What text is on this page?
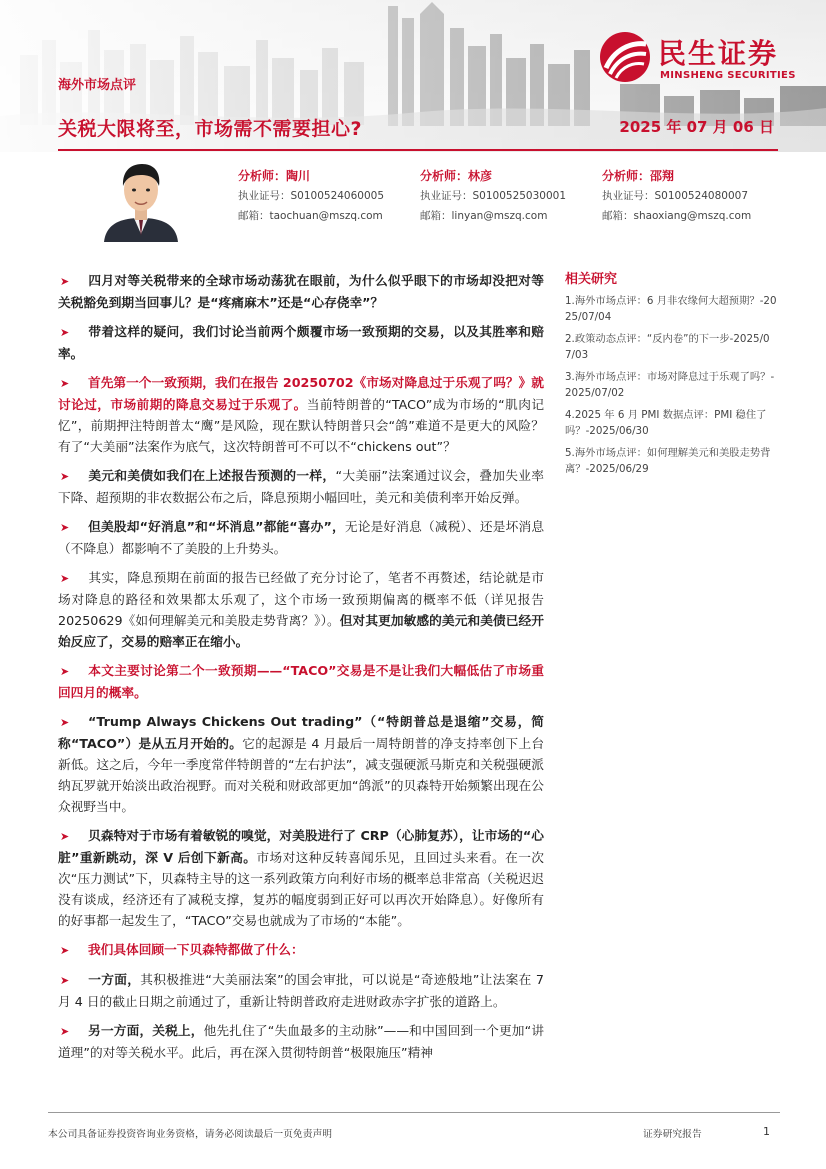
海外市场点评
关税大限将至，市场需不需要担心?	2025 年 07 月 06 日
民生证券
MINSHENG SECURITIES
分析师：陶川
执业证号：S0100524060005
邮箱：taochuan@mszq.com
分析师：林彦
执业证号：S0100525030001
邮箱：linyan@mszq.com
分析师：邵翔
执业证号：S0100524080007
邮箱：shaoxiang@mszq.com

➤ 四月对等关税带来的全球市场动荡犹在眼前，为什么似乎眼下的市场却没把对等关税豁免到期当回事儿？是“疼痛麻木”还是“心存侥幸”？

➤ 带着这样的疑问，我们讨论当前两个颇覆市场一致预期的交易，以及其胜率和赔率。

➤ 首先第一个一致预期，我们在报告 20250702《市场对降息过于乐观了吗？》就讨论过，市场前期的降息交易过于乐观了。当前特朗普的“TACO”成为市场的“肌肉记忆”，前期押注特朗普太“鹰”是风险，现在默认特朗普只会“鸽”难道不是更大的风险？有了“大美丽”法案作为底气，这次特朗普可不可以不“chickens out”？

➤ 美元和美债如我们在上述报告预测的一样，“大美丽”法案通过议会，叠加失业率下降、超预期的非农数据公布之后，降息预期小幅回吐，美元和美债利率开始反弹。

➤ 但美股却“好消息”和“坏消息”都能“喜办”，无论是好消息（减税）、还是坏消息（不降息）都影响不了美股的上升势头。

➤ 其实，降息预期在前面的报告已经做了充分讨论了，笔者不再赘述，结论就是市场对降息的路径和效果都太乐观了，这个市场一致预期偏离的概率不低（详见报告 20250629《如何理解美元和美股走势背离？》）。但对其更加敏感的美元和美债已经开始反应了，交易的赔率正在缩小。

➤ 本文主要讨论第二个一致预期——“TACO”交易是不是让我们大幅低估了市场重回四月的概率。

➤ “Trump Always Chickens Out trading”（“特朗普总是退缩”交易，简称“TACO”）是从五月开始的。它的起源是 4 月最后一周特朗普的净支持率创下上台新低。这之后，今年一季度常伴特朗普的“左右护法”，减支强硬派马斯克和关税强硬派纳瓦罗就开始淡出政治视野。而对关税和财政部更加“鸽派”的贝森特开始频繁出现在公众视野当中。

➤ 贝森特对于市场有着敏锐的嗅觉，对美股进行了 CRP（心肺复苏），让市场的“心脏”重新跳动，深 V 后创下新高。市场对这种反转喜闻乐见，且回过头来看。在一次次“压力测试”下，贝森特主导的这一系列政策方向利好市场的概率总非常高（关税迟迟没有谈成，经济还有了减税支撑，复苏的幅度弱到正好可以再次开始降息）。好像所有的好事都一起发生了，“TACO”交易也就成为了市场的“本能”。

➤ 我们具体回顾一下贝森特都做了什么：

➤ 一方面，其积极推进“大美丽法案”的国会审批，可以说是“奇迹般地”让法案在 7 月 4 日的截止日期之前通过了，重新让特朗普政府走进财政赤字扩张的道路上。

➤ 另一方面，关税上，他先扎住了“失血最多的主动脉”——和中国回到一个更加“讲道理”的对等关税水平。此后，再在深入贯彻特朗普“极限施压”精神

相关研究
1.海外市场点评：6 月非农缘何大超预期？-2025/07/04
2.政策动态点评：“反内卷”的下一步-2025/07/03
3.海外市场点评：市场对降息过于乐观了吗？-2025/07/02
4.2025 年 6 月 PMI 数据点评：PMI 稳住了吗？-2025/06/30
5.海外市场点评：如何理解美元和美股走势背离？-2025/06/29
本公司具备证券投资咨询业务资格，请务必阅读最后一页免责声明	证券研究报告	1
